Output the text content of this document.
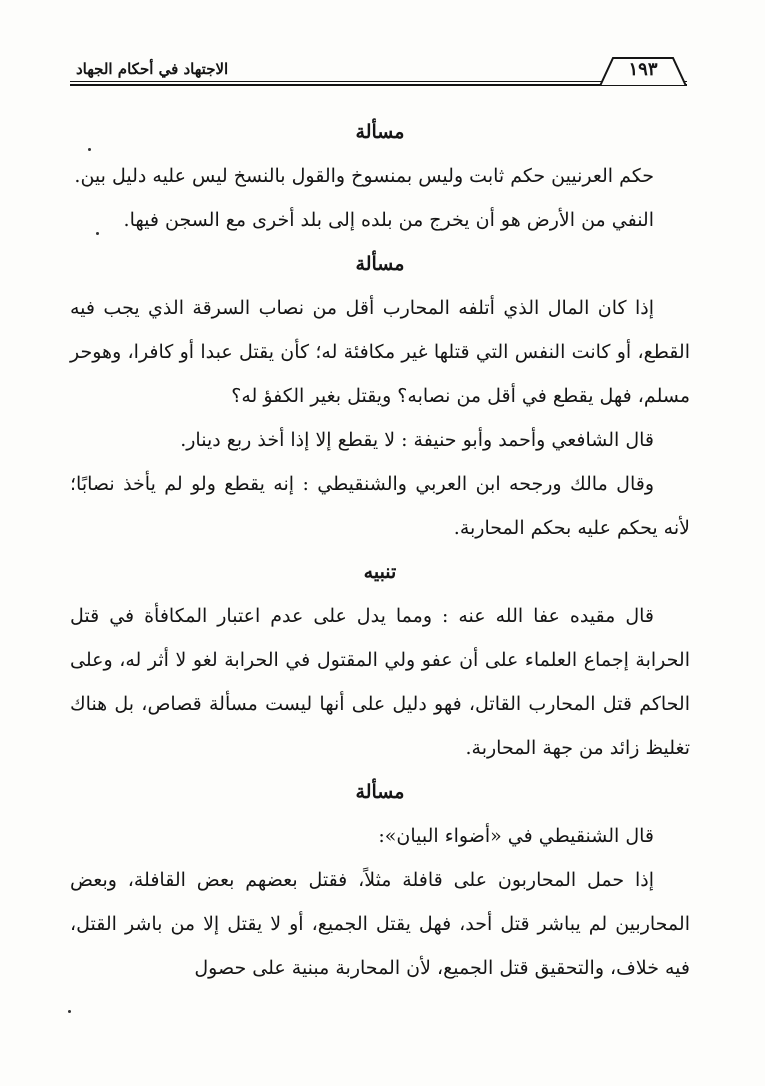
١٩٣
الاجتهاد في أحكام الجهاد

مسألة

حكم العرنيين حكم ثابت وليس بمنسوخ والقول بالنسخ ليس عليه دليل بين.

النفي من الأرض هو أن يخرج من بلده إلى بلد أخرى مع السجن فيها.

مسألة

إذا كان المال الذي أتلفه المحارب أقل من نصاب السرقة الذي يجب فيه القطع، أو كانت النفس التي قتلها غير مكافئة له؛ كأن يقتل عبدا أو كافرا، وهوحر مسلم، فهل يقطع في أقل من نصابه؟ ويقتل بغير الكفؤ له؟

قال الشافعي وأحمد وأبو حنيفة : لا يقطع إلا إذا أخذ ربع دينار.

وقال مالك ورجحه ابن العربي والشنقيطي : إنه يقطع ولو لم يأخذ نصابًا؛ لأنه يحكم عليه بحكم المحاربة.

تنبيه

قال مقيده عفا الله عنه : ومما يدل على عدم اعتبار المكافأة في قتل الحرابة إجماع العلماء على أن عفو ولي المقتول في الحرابة لغو لا أثر له، وعلى الحاكم قتل المحارب القاتل، فهو دليل على أنها ليست مسألة قصاص، بل هناك تغليظ زائد من جهة المحاربة.

مسألة

قال الشنقيطي في «أضواء البيان»:

إذا حمل المحاربون على قافلة مثلاً، فقتل بعضهم بعض القافلة، وبعض المحاربين لم يباشر قتل أحد، فهل يقتل الجميع، أو لا يقتل إلا من باشر القتل، فيه خلاف، والتحقيق قتل الجميع، لأن المحاربة مبنية على حصول
